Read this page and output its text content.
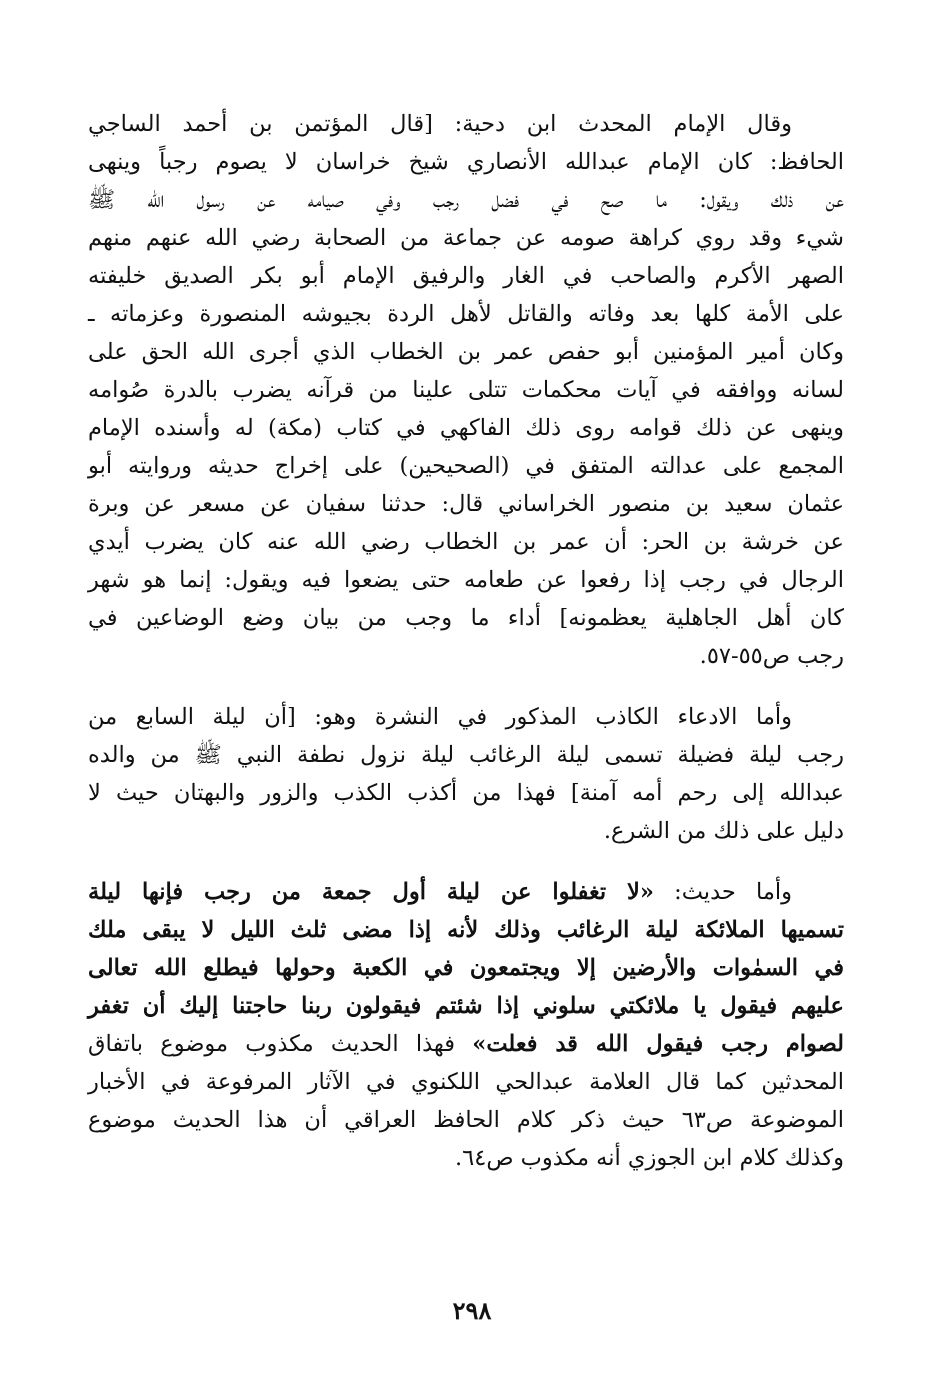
وقال الإمام المحدث ابن دحية: [قال المؤتمن بن أحمد الساجي
الحافظ: كان الإمام عبدالله الأنصاري شيخ خراسان لا يصوم رجباً وينهى
عن ذلك ويقول: ما صح في فضل رجب وفي صيامه عن رسول الله ﷺ
شيء وقد روي كراهة صومه عن جماعة من الصحابة رضي الله عنهم منهم
الصهر الأكرم والصاحب في الغار والرفيق الإمام أبو بكر الصديق خليفته
على الأمة كلها بعد وفاته والقاتل لأهل الردة بجيوشه المنصورة وعزماته ـ
وكان أمير المؤمنين أبو حفص عمر بن الخطاب الذي أجرى الله الحق على
لسانه ووافقه في آيات محكمات تتلى علينا من قرآنه يضرب بالدرة صُوامه
وينهى عن ذلك قوامه روى ذلك الفاكهي في كتاب (مكة) له وأسنده الإمام
المجمع على عدالته المتفق في (الصحيحين) على إخراج حديثه وروايته أبو
عثمان سعيد بن منصور الخراساني قال: حدثنا سفيان عن مسعر عن وبرة
عن خرشة بن الحر: أن عمر بن الخطاب رضي الله عنه كان يضرب أيدي
الرجال في رجب إذا رفعوا عن طعامه حتى يضعوا فيه ويقول: إنما هو شهر
كان أهل الجاهلية يعظمونه] أداء ما وجب من بيان وضع الوضاعين في
رجب ص٥٥-٥٧.
وأما الادعاء الكاذب المذكور في النشرة وهو: [أن ليلة السابع من
رجب ليلة فضيلة تسمى ليلة الرغائب ليلة نزول نطفة النبي ﷺ من والده
عبدالله إلى رحم أمه آمنة] فهذا من أكذب الكذب والزور والبهتان حيث لا
دليل على ذلك من الشرع.
وأما حديث: «لا تغفلوا عن ليلة أول جمعة من رجب فإنها ليلة
تسميها الملائكة ليلة الرغائب وذلك لأنه إذا مضى ثلث الليل لا يبقى ملك
في السمٰوات والأرضين إلا ويجتمعون في الكعبة وحولها فيطلع الله تعالى
عليهم فيقول يا ملائكتي سلوني إذا شئتم فيقولون ربنا حاجتنا إليك أن تغفر
لصوام رجب فيقول الله قد فعلت» فهذا الحديث مكذوب موضوع باتفاق
المحدثين كما قال العلامة عبدالحي اللكنوي في الآثار المرفوعة في الأخبار
الموضوعة ص٦٣ حيث ذكر كلام الحافظ العراقي أن هذا الحديث موضوع
وكذلك كلام ابن الجوزي أنه مكذوب ص٦٤.
٢٩٨
